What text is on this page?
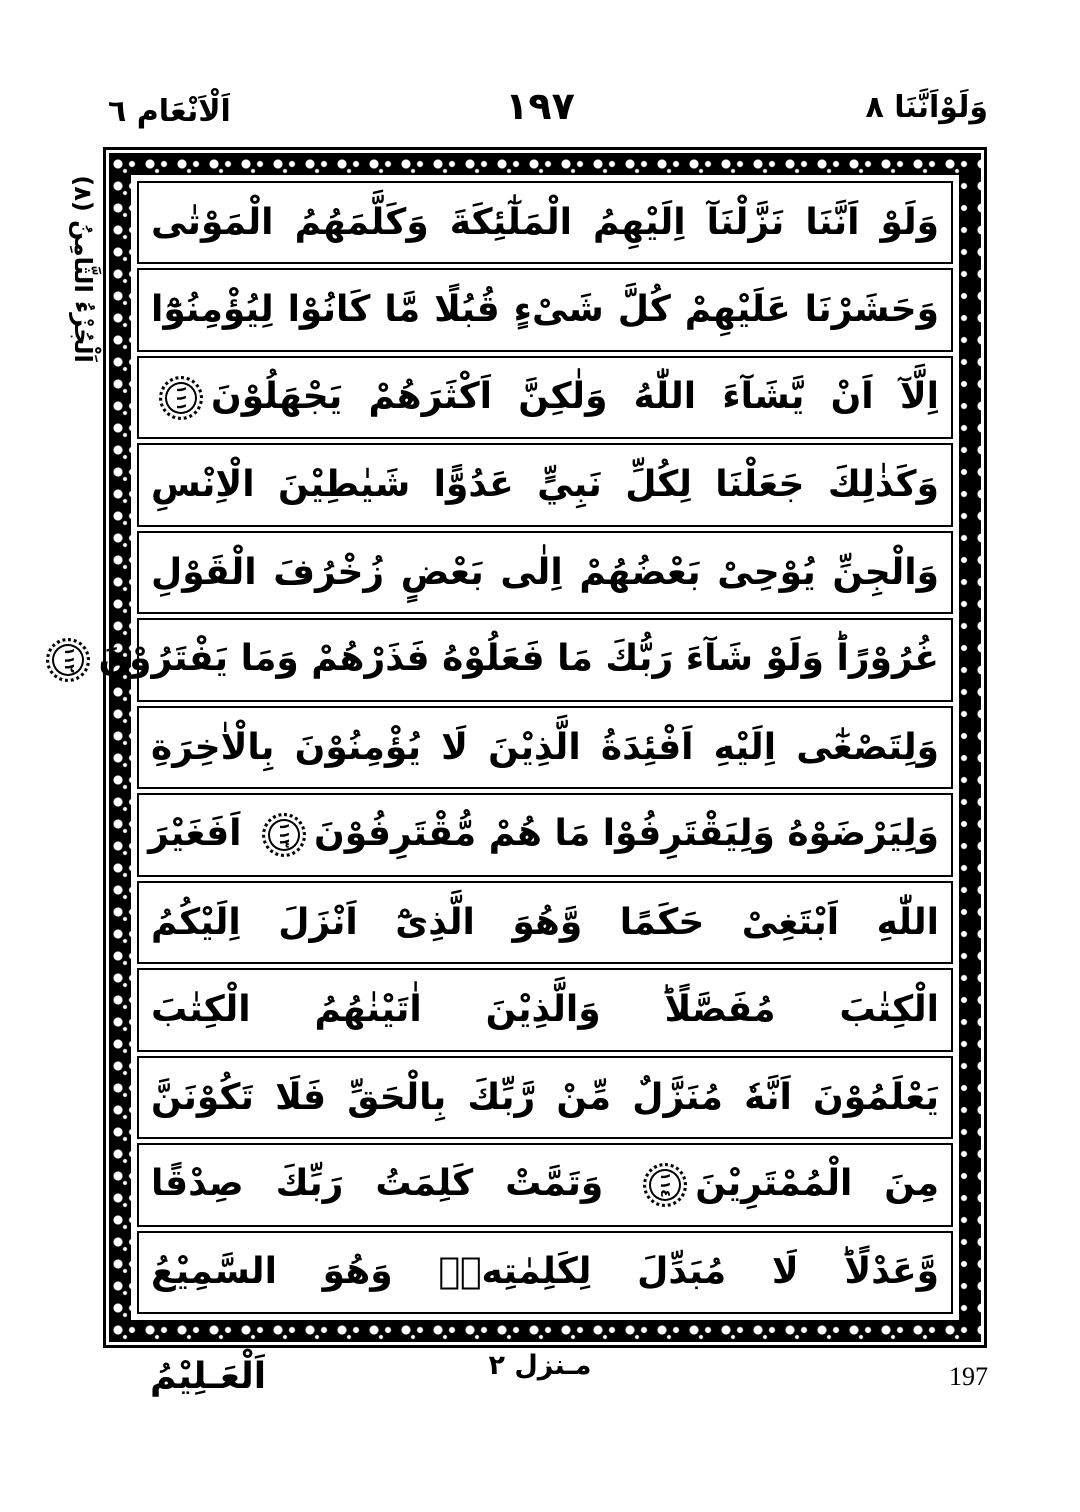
اَلْاَنْعَام ٦	١٩٧	وَلَوْاَنَّنَا ٨
اَلْجُزْءُ الثَّامِنُ (٨)	وَلَوْ اَنَّنَا نَزَّلْنَآ اِلَيْهِمُ الْمَلٰٓئِكَةَ وَكَلَّمَهُمُ الْمَوْتٰى
وَحَشَرْنَا عَلَيْهِمْ كُلَّ شَىْءٍ قُبُلًا مَّا كَانُوْا لِيُؤْمِنُوْٓا
اِلَّآ اَنْ يَّشَآءَ اللّٰهُ وَلٰكِنَّ اَكْثَرَهُمْ يَجْهَلُوْنَ
١١١
وَكَذٰلِكَ جَعَلْنَا لِكُلِّ نَبِيٍّ عَدُوًّا شَيٰطِيْنَ الْاِنْسِ
وَالْجِنِّ يُوْحِىْ بَعْضُهُمْ اِلٰى بَعْضٍ زُخْرُفَ الْقَوْلِ
غُرُوْرًاؕ وَلَوْ شَآءَ رَبُّكَ مَا فَعَلُوْهُ فَذَرْهُمْ وَمَا يَفْتَرُوْنَ
١١٢
وَلِتَصْغٰٓى اِلَيْهِ اَفْئِدَةُ الَّذِيْنَ لَا يُؤْمِنُوْنَ بِالْاٰخِرَةِ
وَلِيَرْضَوْهُ وَلِيَقْتَرِفُوْا مَا هُمْ مُّقْتَرِفُوْنَ
١١٣
اَفَغَيْرَ
اللّٰهِ اَبْتَغِىْ حَكَمًا وَّهُوَ الَّذِىْٓ اَنْزَلَ اِلَيْكُمُ
الْكِتٰبَ مُفَصَّلًاؕ وَالَّذِيْنَ اٰتَيْنٰهُمُ الْكِتٰبَ
يَعْلَمُوْنَ اَنَّهٗ مُنَزَّلٌ مِّنْ رَّبِّكَ بِالْحَقِّ فَلَا تَكُوْنَنَّ
مِنَ الْمُمْتَرِيْنَ
١١٤
وَتَمَّتْ كَلِمَتُ رَبِّكَ صِدْقًا
وَّعَدْلًاؕ لَا مُبَدِّلَ لِكَلِمٰتِهٖۚ وَهُوَ السَّمِيْعُ
اَلْعَـلِيْمُ	مـنزل ٢	197
